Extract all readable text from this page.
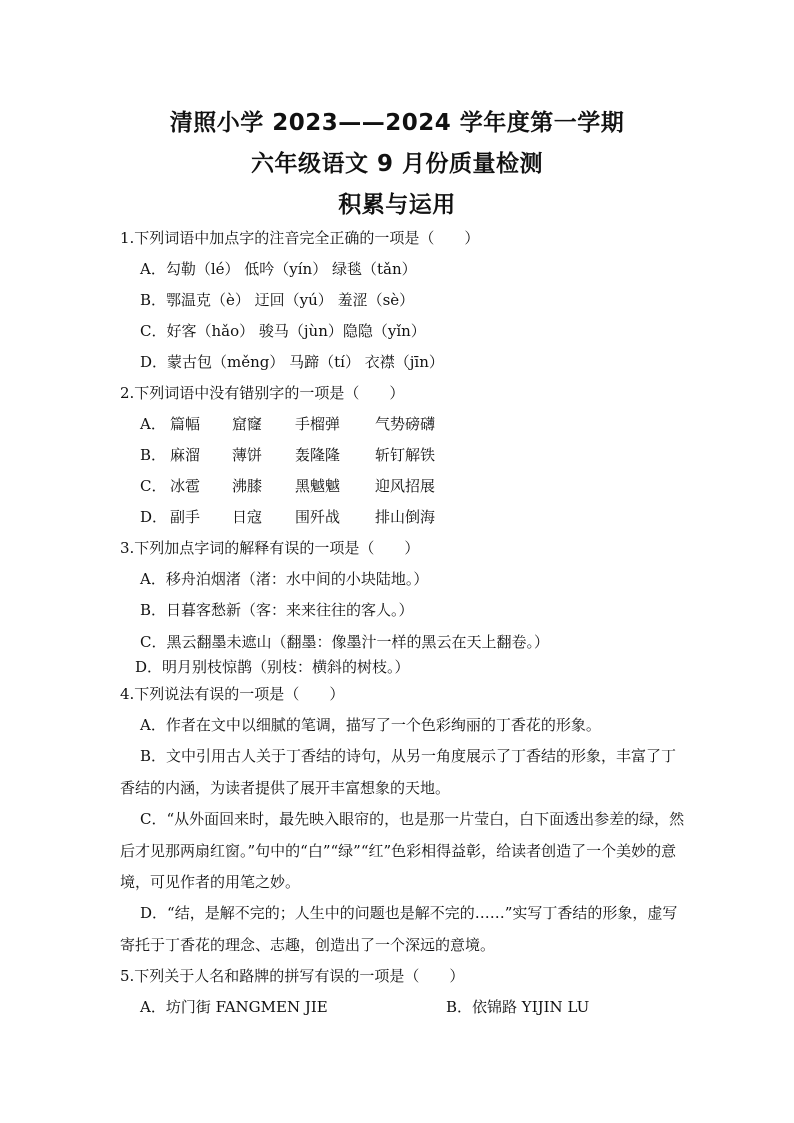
清照小学 2023——2024 学年度第一学期
六年级语文 9 月份质量检测
积累与运用
1.下列词语中加点字的注音完全正确的一项是（　　）
A．勾勒（lé） 低吟（yín） 绿毯（tǎn）
B．鄂温克（è） 迂回（yú） 羞涩（sè）
C．好客（hǎo） 骏马（jùn）隐隐（yǐn）
D．蒙古包（měng） 马蹄（tí） 衣襟（jīn）
2.下列词语中没有错别字的一项是（　　）
A． 篇幅 窟窿 手榴弹 气势磅礴
B． 麻溜 薄饼 轰隆隆 斩钉解铁
C． 冰雹 沸膝 黑魆魆 迎风招展
D． 副手 日寇 围歼战 排山倒海
3.下列加点字词的解释有误的一项是（　　）
A．移舟泊烟渚（渚：水中间的小块陆地。）
B．日暮客愁新（客：来来往往的客人。）
C．黑云翻墨未遮山（翻墨：像墨汁一样的黑云在天上翻卷。）
D．明月别枝惊鹊（别枝：横斜的树枝。）
4.下列说法有误的一项是（　　）
A．作者在文中以细腻的笔调，描写了一个色彩绚丽的丁香花的形象。
B．文中引用古人关于丁香结的诗句，从另一角度展示了丁香结的形象，丰富了丁香结的内涵，为读者提供了展开丰富想象的天地。
C．“从外面回来时，最先映入眼帘的，也是那一片莹白，白下面透出参差的绿，然后才见那两扇红窗。”句中的“白”“绿”“红”色彩相得益彰，给读者创造了一个美妙的意境，可见作者的用笔之妙。
D．“结，是解不完的；人生中的问题也是解不完的……”实写丁香结的形象，虚写寄托于丁香花的理念、志趣，创造出了一个深远的意境。
5.下列关于人名和路牌的拼写有误的一项是（　　）
A．坊门街 FANGMEN JIE	B．依锦路 YIJIN LU
